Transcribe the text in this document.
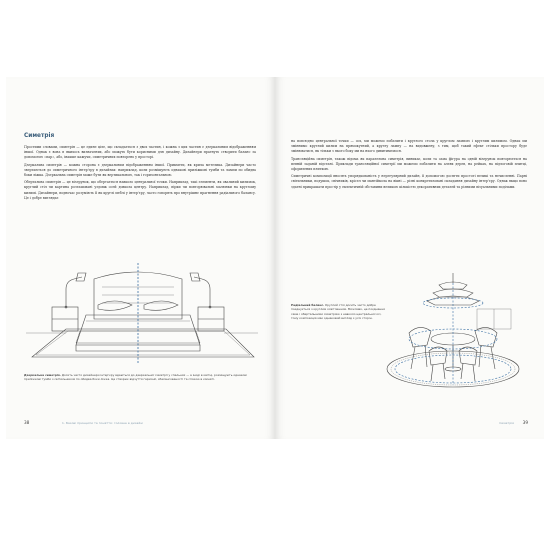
Симетрія

Простими словами, симетрія — це єдине ціле, що складається з двох частин, і кожна з цих частин є дзеркальним відображенням іншої. Однак є вона в якихось визначених, або можуть бути корисними для дизайну. Дизайнери прагнуть створити баланс за допомогою «пар», або, інакше кажучи, симетричних повторень у просторі.

Дзеркальна симетрія — кожна сторона є дзеркальним відображенням іншої. Прикмети, як крила метелика. Дизайнери часто звертаються до симетричного інтер'єру в дизайнах: наприклад, коли розміщують однакові приліжкові тумби та лампи по обидва боки ліжка. Дзеркальна симетрія може бути як вертикальною, так і горизонтальною.

Обертальна симетрія — це візерунок, що обертається навколо центральної точки. Наприклад, такі елементи, як овальний килимок, круглий стіл чи картина розташовані уздовж осей довкола центру. Наприклад, пірки чи повторювальні малюнки на круглому килимі. Дизайнери, водночас розуміють її як круглі меблі у інтер'єру, часто говорять про внутрішнє прагнення радіального балансу. Це і добре виглядає

Дзеркальна симетрія. Досить часто дизайнери інтер'єру вдаються до дзеркальної симетрії у спальнях — а іноді в квітці, розміщують однакові приліжкові тумби з світильником по обидва боки ліжка. Це створює відчуття гармонії, збалансованості та спокою в кімнаті.

38	1. Базові принципи та поняття: головне в дизайні

на повсюдно центральної точки — ось, ми можемо побачити і круглого стола у круглом лампою і круглим килимом. Однак ми зміннимо круглий килим на прямокутний, а круглу лампу — на видовжену, з тим, щоб такий ефект стільки простору буде змінюватися, як тільки з якого боку ми на нього дивитимемося.

Трансляційна симетрія, також відома як паралельна симетрія, виникає, коли та сама фігура на одній візерунок повторюється на певній заданій відстані. Приклади трансляційної симетрії ми можемо побачити на алеях дерев, на рейках, на підлоговій плитці, оформлених плиткою.

Симетричні композиції вносять упорядкованість у нерегулярний дизайн, її допомогою досягти простоті великі та нечисленні. Парні світильники, подушок, свічників, крісел чи мантійкола на вікні — різні конкретизовані складання дизайну інтер'єру. Однак якщо воно здатні прикрашати простір у еклектичній обставини великою кількістю декоративних деталей та різними візуальними поділами.

Радіальний баланс. Круглий стіл досить часто добре поєднується з круглим освітленням. Можливо, це поєднання саме і обертальними симетрією з навколо центральної осі, тому композиція має однаковий вигляд з усіх сторін.

Симетрія 39
